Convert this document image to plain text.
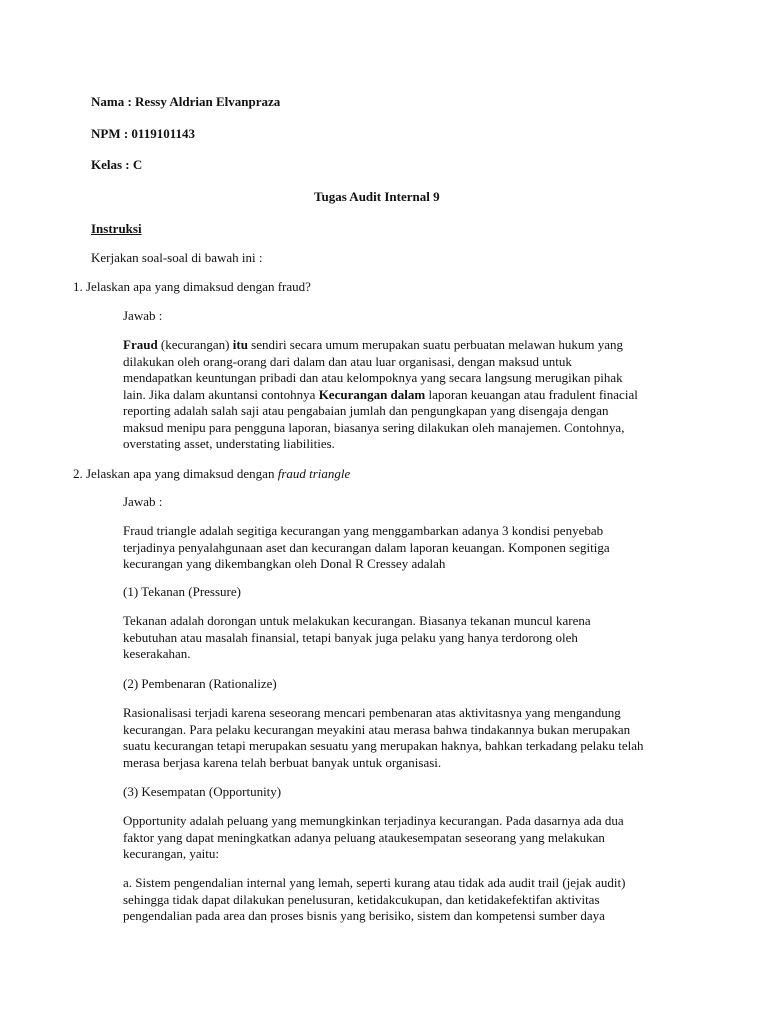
Nama : Ressy Aldrian Elvanpraza
NPM : 0119101143
Kelas : C
Tugas Audit Internal 9
Instruksi
Kerjakan soal-soal di bawah ini :
1. Jelaskan apa yang dimaksud dengan fraud?
Jawab :

Fraud (kecurangan) itu sendiri secara umum merupakan suatu perbuatan melawan hukum yang

dilakukan oleh orang-orang dari dalam dan atau luar organisasi, dengan maksud untuk

mendapatkan keuntungan pribadi dan atau kelompoknya yang secara langsung merugikan pihak

lain. Jika dalam akuntansi contohnya Kecurangan dalam laporan keuangan atau fradulent finacial

reporting adalah salah saji atau pengabaian jumlah dan pengungkapan yang disengaja dengan

maksud menipu para pengguna laporan, biasanya sering dilakukan oleh manajemen. Contohnya,

overstating asset, understating liabilities.

2. Jelaskan apa yang dimaksud dengan fraud triangle
Jawab :

Fraud triangle adalah segitiga kecurangan yang menggambarkan adanya 3 kondisi penyebab

terjadinya penyalahgunaan aset dan kecurangan dalam laporan keuangan. Komponen segitiga

kecurangan yang dikembangkan oleh Donal R Cressey adalah

(1) Tekanan (Pressure)

Tekanan adalah dorongan untuk melakukan kecurangan. Biasanya tekanan muncul karena

kebutuhan atau masalah finansial, tetapi banyak juga pelaku yang hanya terdorong oleh

keserakahan.

(2) Pembenaran (Rationalize)

Rasionalisasi terjadi karena seseorang mencari pembenaran atas aktivitasnya yang mengandung

kecurangan. Para pelaku kecurangan meyakini atau merasa bahwa tindakannya bukan merupakan

suatu kecurangan tetapi merupakan sesuatu yang merupakan haknya, bahkan terkadang pelaku telah

merasa berjasa karena telah berbuat banyak untuk organisasi.

(3) Kesempatan (Opportunity)

Opportunity adalah peluang yang memungkinkan terjadinya kecurangan. Pada dasarnya ada dua

faktor yang dapat meningkatkan adanya peluang ataukesempatan seseorang yang melakukan

kecurangan, yaitu:

a. Sistem pengendalian internal yang lemah, seperti kurang atau tidak ada audit trail (jejak audit)

sehingga tidak dapat dilakukan penelusuran, ketidakcukupan, dan ketidakefektifan aktivitas

pengendalian pada area dan proses bisnis yang berisiko, sistem dan kompetensi sumber daya
